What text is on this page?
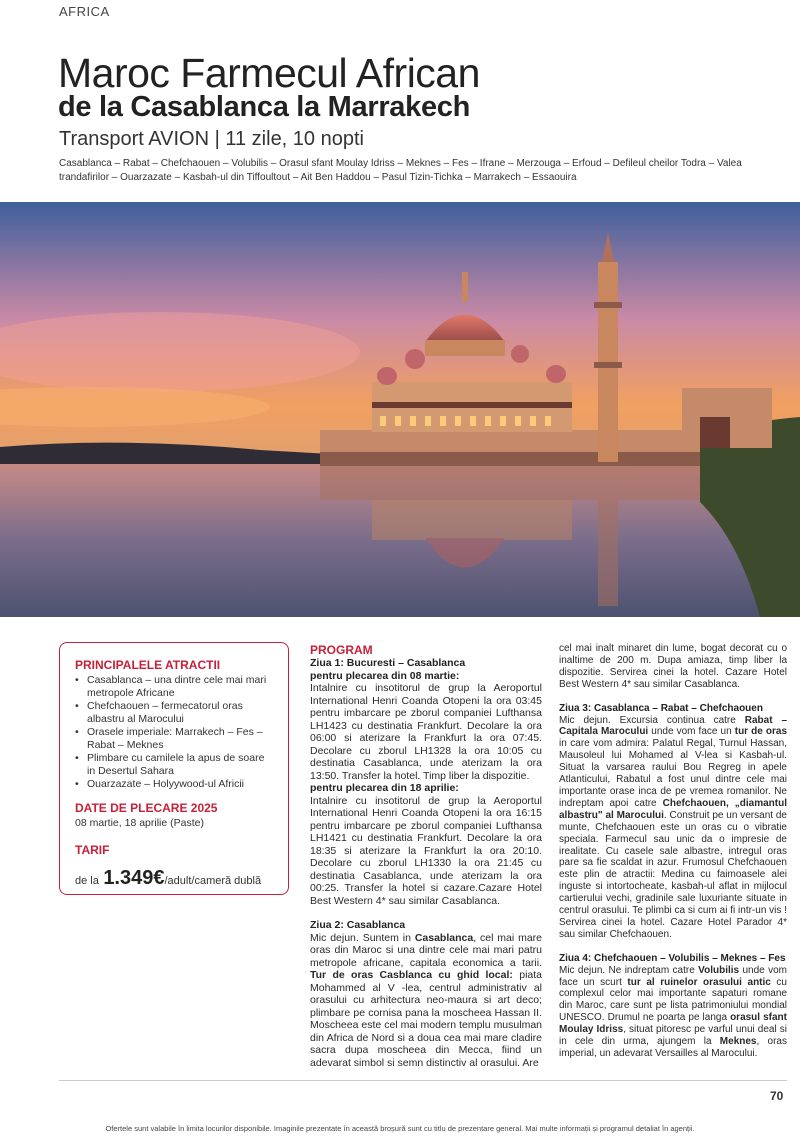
AFRICA
Maroc Farmecul African
de la Casablanca la Marrakech
Transport AVION | 11 zile, 10 nopti
Casablanca – Rabat – Chefchaouen – Volubilis – Orasul sfant Moulay Idriss – Meknes – Fes – Ifrane – Merzouga – Erfoud – Defileul cheilor Todra – Valea trandafirilor – Ouarzazate – Kasbah-ul din Tiffoultout – Ait Ben Haddou – Pasul Tizin-Tichka – Marrakech – Essaouira
PRINCIPALELE ATRACTII
• Casablanca – una dintre cele mai mari metropole Africane
• Chefchaouen – fermecatorul oras albastru al Marocului
• Orasele imperiale: Marrakech – Fes – Rabat – Meknes
• Plimbare cu camilele la apus de soare in Desertul Sahara
• Ouarzazate – Holyywood-ul Africii
DATE DE PLECARE 2025
08 martie, 18 aprilie (Paste)
TARIF
de la 1.349€/adult/cameră dublă
PROGRAM
Ziua 1: Bucuresti – Casablanca
pentru plecarea din 08 martie:

Intalnire cu insotitorul de grup la Aeroportul International Henri Coanda Otopeni la ora 03:45 pentru imbarcare pe zborul companiei Lufthansa LH1423 cu destinatia Frankfurt. Decolare la ora 06:00 si aterizare la Frankfurt la ora 07:45. Decolare cu zborul LH1328 la ora 10:05 cu destinatia Casablanca, unde aterizam la ora 13:50. Transfer la hotel. Timp liber la dispozitie.

pentru plecarea din 18 aprilie:

Intalnire cu insotitorul de grup la Aeroportul International Henri Coanda Otopeni la ora 16:15 pentru imbarcare pe zborul companiei Lufthansa LH1421 cu destinatia Frankfurt. Decolare la ora 18:35 si aterizare la Frankfurt la ora 20:10. Decolare cu zborul LH1330 la ora 21:45 cu destinatia Casablanca, unde aterizam la ora 00:25. Transfer la hotel si cazare.Cazare Hotel Best Western 4* sau similar Casablanca.

Ziua 2: Casablanca

Mic dejun. Suntem in Casablanca, cel mai mare oras din Maroc si una dintre cele mai mari patru metropole africane, capitala economica a tarii. Tur de oras Casblanca cu ghid local: piata Mohammed al V -lea, centrul administrativ al orasului cu arhitectura neo-maura si art deco; plimbare pe cornisa pana la moscheea Hassan II. Moscheea este cel mai modern templu musulman din Africa de Nord si a doua cea mai mare cladire sacra dupa moscheea din Mecca, fiind un adevarat simbol si semn distinctiv al orasului. Are

cel mai inalt minaret din lume, bogat decorat cu o inaltime de 200 m. Dupa amiaza, timp liber la dispozitie. Servirea cinei la hotel. Cazare Hotel Best Western 4* sau similar Casablanca.

Ziua 3: Casablanca – Rabat – Chefchaouen

Mic dejun. Excursia continua catre Rabat – Capitala Marocului unde vom face un tur de oras in care vom admira: Palatul Regal, Turnul Hassan, Mausoleul lui Mohamed al V-lea si Kasbah-ul. Situat la varsarea raului Bou Regreg in apele Atlanticului, Rabatul a fost unul dintre cele mai importante orase inca de pe vremea romanilor. Ne indreptam apoi catre Chefchaouen, „diamantul albastru" al Marocului. Construit pe un versant de munte, Chefchaouen este un oras cu o vibratie speciala. Farmecul sau unic da o impresie de irealitate. Cu casele sale albastre, intregul oras pare sa fie scaldat in azur. Frumosul Chefchaouen este plin de atractii: Medina cu faimoasele alei inguste si intortocheate, kasbah-ul aflat in mijlocul cartierului vechi, gradinile sale luxuriante situate in centrul orasului. Te plimbi ca si cum ai fi intr-un vis ! Servirea cinei la hotel. Cazare Hotel Parador 4* sau similar Chefchaouen.

Ziua 4: Chefchaouen – Volubilis – Meknes – Fes

Mic dejun. Ne indreptam catre Volubilis unde vom face un scurt tur al ruinelor orasului antic cu complexul celor mai importante sapaturi romane din Maroc, care sunt pe lista patrimoniului mondial UNESCO. Drumul ne poarta pe langa orasul sfant Moulay Idriss, situat pitoresc pe varful unui deal si in cele din urma, ajungem la Meknes, oras imperial, un adevarat Versailles al Marocului.

70
Ofertele sunt valabile în limita locurilor disponibile. Imaginile prezentate în această broșură sunt cu titlu de prezentare general. Mai multe informații și programul detaliat în agenții.
